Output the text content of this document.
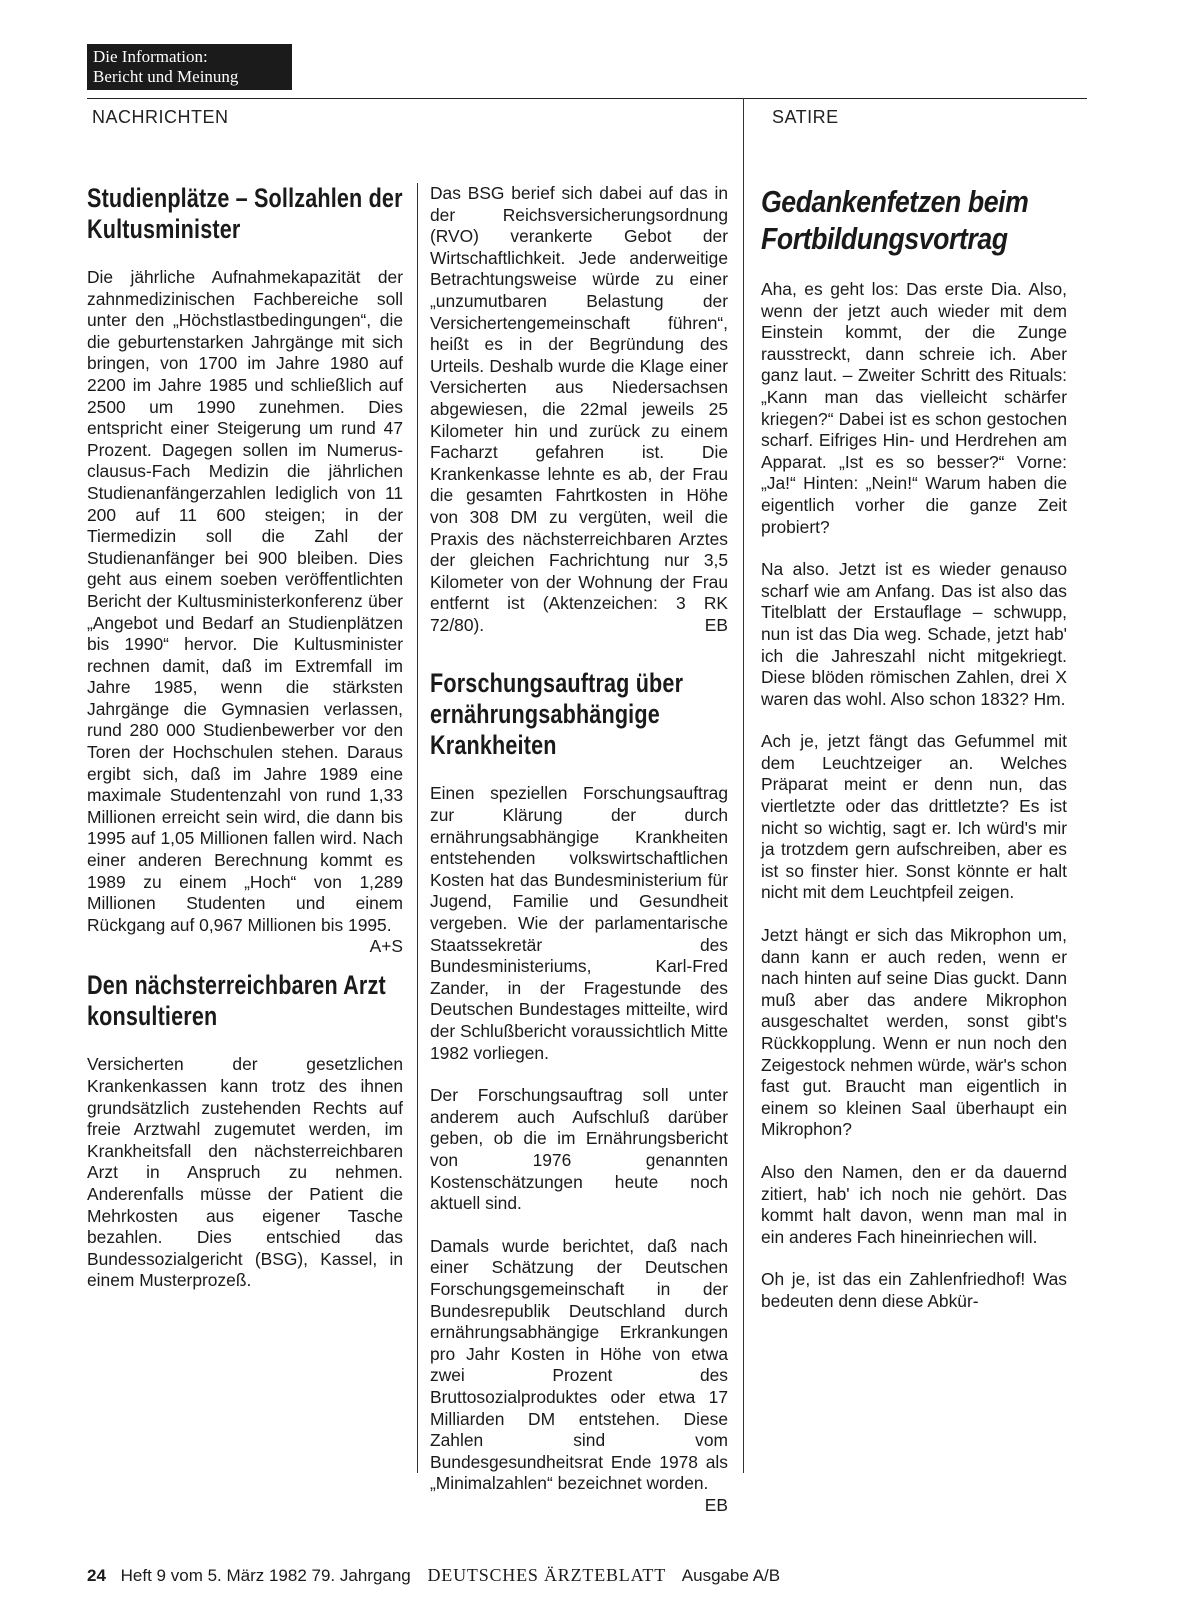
Die Information:
Bericht und Meinung
NACHRICHTEN	SATIRE
Studienplätze – Sollzahlen der Kultusminister

Die jährliche Aufnahmekapazität der zahnmedizinischen Fachbereiche soll unter den „Höchstlastbedingungen“, die die geburtenstarken Jahrgänge mit sich bringen, von 1700 im Jahre 1980 auf 2200 im Jahre 1985 und schließlich auf 2500 um 1990 zunehmen. Dies entspricht einer Steigerung um rund 47 Prozent. Dagegen sollen im Numerus-clausus-Fach Medizin die jährlichen Studienanfängerzahlen lediglich von 11 200 auf 11 600 steigen; in der Tiermedizin soll die Zahl der Studienanfänger bei 900 bleiben. Dies geht aus einem soeben veröffentlichten Bericht der Kultusministerkonferenz über „Angebot und Bedarf an Studienplätzen bis 1990“ hervor. Die Kultusminister rechnen damit, daß im Extremfall im Jahre 1985, wenn die stärksten Jahrgänge die Gymnasien verlassen, rund 280 000 Studienbewerber vor den Toren der Hochschulen stehen. Daraus ergibt sich, daß im Jahre 1989 eine maximale Studentenzahl von rund 1,33 Millionen erreicht sein wird, die dann bis 1995 auf 1,05 Millionen fallen wird. Nach einer anderen Berechnung kommt es 1989 zu einem „Hoch“ von 1,289 Millionen Studenten und einem Rückgang auf 0,967 Millionen bis 1995.
A+S

Den nächsterreichbaren Arzt konsultieren

Versicherten der gesetzlichen Krankenkassen kann trotz des ihnen grundsätzlich zustehenden Rechts auf freie Arztwahl zugemutet werden, im Krankheitsfall den nächsterreichbaren Arzt in Anspruch zu nehmen. Anderenfalls müsse der Patient die Mehrkosten aus eigener Tasche bezahlen. Dies entschied das Bundessozialgericht (BSG), Kassel, in einem Musterprozeß.

Das BSG berief sich dabei auf das in der Reichsversicherungsordnung (RVO) verankerte Gebot der Wirtschaftlichkeit. Jede anderweitige Betrachtungsweise würde zu einer „unzumutbaren Belastung der Versichertengemeinschaft führen“, heißt es in der Begründung des Urteils. Deshalb wurde die Klage einer Versicherten aus Niedersachsen abgewiesen, die 22mal jeweils 25 Kilometer hin und zurück zu einem Facharzt gefahren ist. Die Krankenkasse lehnte es ab, der Frau die gesamten Fahrtkosten in Höhe von 308 DM zu vergüten, weil die Praxis des nächsterreichbaren Arztes der gleichen Fachrichtung nur 3,5 Kilometer von der Wohnung der Frau entfernt ist (Aktenzeichen: 3 RK 72/80).	EB

Forschungsauftrag über ernährungsabhängige Krankheiten

Einen speziellen Forschungsauftrag zur Klärung der durch ernährungsabhängige Krankheiten entstehenden volkswirtschaftlichen Kosten hat das Bundesministerium für Jugend, Familie und Gesundheit vergeben. Wie der parlamentarische Staatssekretär des Bundesministeriums, Karl-Fred Zander, in der Fragestunde des Deutschen Bundestages mitteilte, wird der Schlußbericht voraussichtlich Mitte 1982 vorliegen.

Der Forschungsauftrag soll unter anderem auch Aufschluß darüber geben, ob die im Ernährungsbericht von 1976 genannten Kostenschätzungen heute noch aktuell sind.

Damals wurde berichtet, daß nach einer Schätzung der Deutschen Forschungsgemeinschaft in der Bundesrepublik Deutschland durch ernährungsabhängige Erkrankungen pro Jahr Kosten in Höhe von etwa zwei Prozent des Bruttosozialproduktes oder etwa 17 Milliarden DM entstehen. Diese Zahlen sind vom Bundesgesundheitsrat Ende 1978 als „Minimalzahlen“ bezeichnet worden.
EB

Gedankenfetzen beim Fortbildungsvortrag

Aha, es geht los: Das erste Dia. Also, wenn der jetzt auch wieder mit dem Einstein kommt, der die Zunge rausstreckt, dann schreie ich. Aber ganz laut. – Zweiter Schritt des Rituals: „Kann man das vielleicht schärfer kriegen?“ Dabei ist es schon gestochen scharf. Eifriges Hin- und Herdrehen am Apparat. „Ist es so besser?“ Vorne: „Ja!“ Hinten: „Nein!“ Warum haben die eigentlich vorher die ganze Zeit probiert?

Na also. Jetzt ist es wieder genauso scharf wie am Anfang. Das ist also das Titelblatt der Erstauflage – schwupp, nun ist das Dia weg. Schade, jetzt hab' ich die Jahreszahl nicht mitgekriegt. Diese blöden römischen Zahlen, drei X waren das wohl. Also schon 1832? Hm.

Ach je, jetzt fängt das Gefummel mit dem Leuchtzeiger an. Welches Präparat meint er denn nun, das viertletzte oder das drittletzte? Es ist nicht so wichtig, sagt er. Ich würd's mir ja trotzdem gern aufschreiben, aber es ist so finster hier. Sonst könnte er halt nicht mit dem Leuchtpfeil zeigen.

Jetzt hängt er sich das Mikrophon um, dann kann er auch reden, wenn er nach hinten auf seine Dias guckt. Dann muß aber das andere Mikrophon ausgeschaltet werden, sonst gibt's Rückkopplung. Wenn er nun noch den Zeigestock nehmen würde, wär's schon fast gut. Braucht man eigentlich in einem so kleinen Saal überhaupt ein Mikrophon?

Also den Namen, den er da dauernd zitiert, hab' ich noch nie gehört. Das kommt halt davon, wenn man mal in ein anderes Fach hineinriechen will.

Oh je, ist das ein Zahlenfriedhof! Was bedeuten denn diese Abkür-

24 Heft 9 vom 5. März 1982 79. Jahrgang DEUTSCHES ÄRZTEBLATT Ausgabe A/B
